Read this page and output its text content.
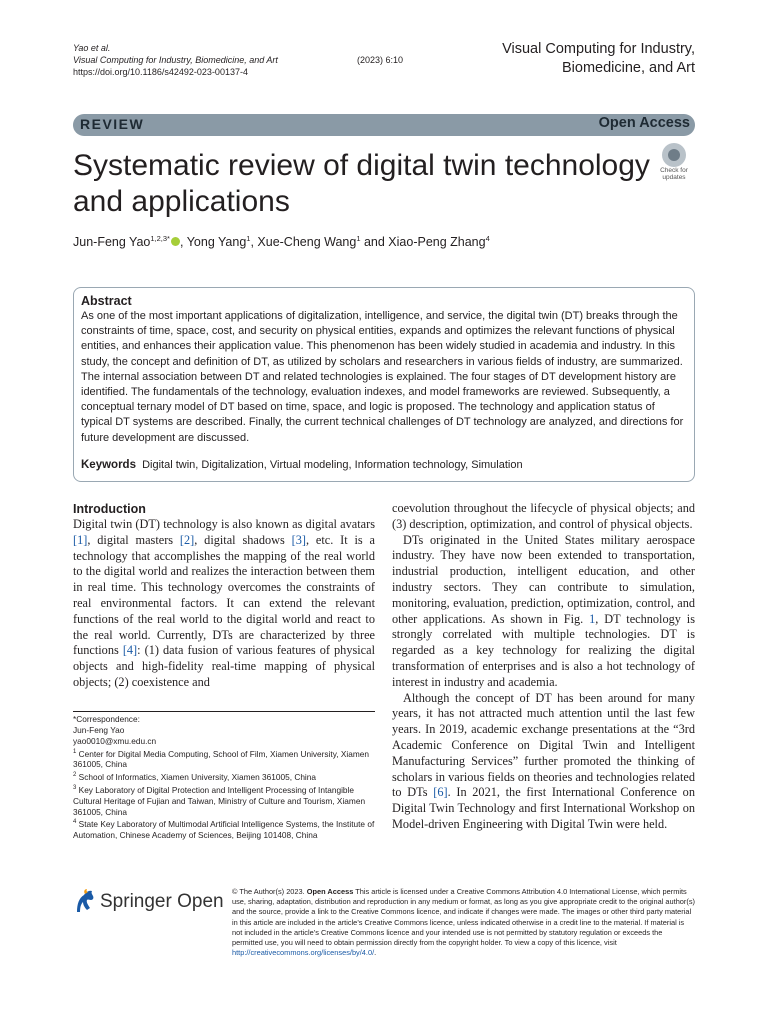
Yao et al.
Visual Computing for Industry, Biomedicine, and Art	(2023) 6:10
https://doi.org/10.1186/s42492-023-00137-4
Visual Computing for Industry,
Biomedicine, and Art
REVIEW	Open Access
Systematic review of digital twin technology and applications
Check for
updates
Jun-Feng Yao$^{1,2,3*}$ , Yong Yang$^1$, Xue-Cheng Wang$^1$ and Xiao-Peng Zhang$^4$
Abstract
As one of the most important applications of digitalization, intelligence, and service, the digital twin (DT) breaks through the constraints of time, space, cost, and security on physical entities, expands and optimizes the relevant functions of physical entities, and enhances their application value. This phenomenon has been widely studied in academia and industry. In this study, the concept and definition of DT, as utilized by scholars and researchers in various fields of industry, are summarized. The internal association between DT and related technologies is explained. The four stages of DT development history are identified. The fundamentals of the technology, evaluation indexes, and model frameworks are reviewed. Subsequently, a conceptual ternary model of DT based on time, space, and logic is proposed. The technology and application status of typical DT systems are described. Finally, the current technical challenges of DT technology are analyzed, and directions for future development are discussed.
Keywords Digital twin, Digitalization, Virtual modeling, Information technology, Simulation
Introduction

Digital twin (DT) technology is also known as digital avatars [1], digital masters [2], digital shadows [3], etc. It is a technology that accomplishes the mapping of the real world to the digital world and realizes the interaction between them in real time. This technology overcomes the constraints of real environmental factors. It can extend the relevant functions of the real world to the digital world and react to the real world. Currently, DTs are characterized by three functions [4]: (1) data fusion of various features of physical objects and high-fidelity real-time mapping of physical objects; (2) coexistence and

*Correspondence:
Jun-Feng Yao
yao0010@xmu.edu.cn
$^1$ Center for Digital Media Computing, School of Film, Xiamen University, Xiamen 361005, China
$^2$ School of Informatics, Xiamen University, Xiamen 361005, China
$^3$ Key Laboratory of Digital Protection and Intelligent Processing of Intangible Cultural Heritage of Fujian and Taiwan, Ministry of Culture and Tourism, Xiamen 361005, China
$^4$ State Key Laboratory of Multimodal Artificial Intelligence Systems, the Institute of Automation, Chinese Academy of Sciences, Beijing 101408, China

coevolution throughout the lifecycle of physical objects; and (3) description, optimization, and control of physical objects.

DTs originated in the United States military aerospace industry. They have now been extended to transportation, industrial production, intelligent education, and other industry sectors. They can contribute to simulation, monitoring, evaluation, prediction, optimization, control, and other applications. As shown in Fig. 1, DT technology is strongly correlated with multiple technologies. DT is regarded as a key technology for realizing the digital transformation of enterprises and is also a hot technology of interest in industry and academia.

Although the concept of DT has been around for many years, it has not attracted much attention until the last few years. In 2019, academic exchange presentations at the “3rd Academic Conference on Digital Twin and Intelligent Manufacturing Services” further promoted the thinking of scholars in various fields on theories and technologies related to DTs [6]. In 2021, the first International Conference on Digital Twin Technology and first International Workshop on Model-driven Engineering with Digital Twin were held.

Springer Open © The Author(s) 2023. Open Access This article is licensed under a Creative Commons Attribution 4.0 International License, which permits use, sharing, adaptation, distribution and reproduction in any medium or format, as long as you give appropriate credit to the original author(s) and the source, provide a link to the Creative Commons licence, and indicate if changes were made. The images or other third party material in this article are included in the article’s Creative Commons licence, unless indicated otherwise in a credit line to the material. If material is not included in the article’s Creative Commons licence and your intended use is not permitted by statutory regulation or exceeds the permitted use, you will need to obtain permission directly from the copyright holder. To view a copy of this licence, visit http://creativecommons.org/licenses/by/4.0/.
